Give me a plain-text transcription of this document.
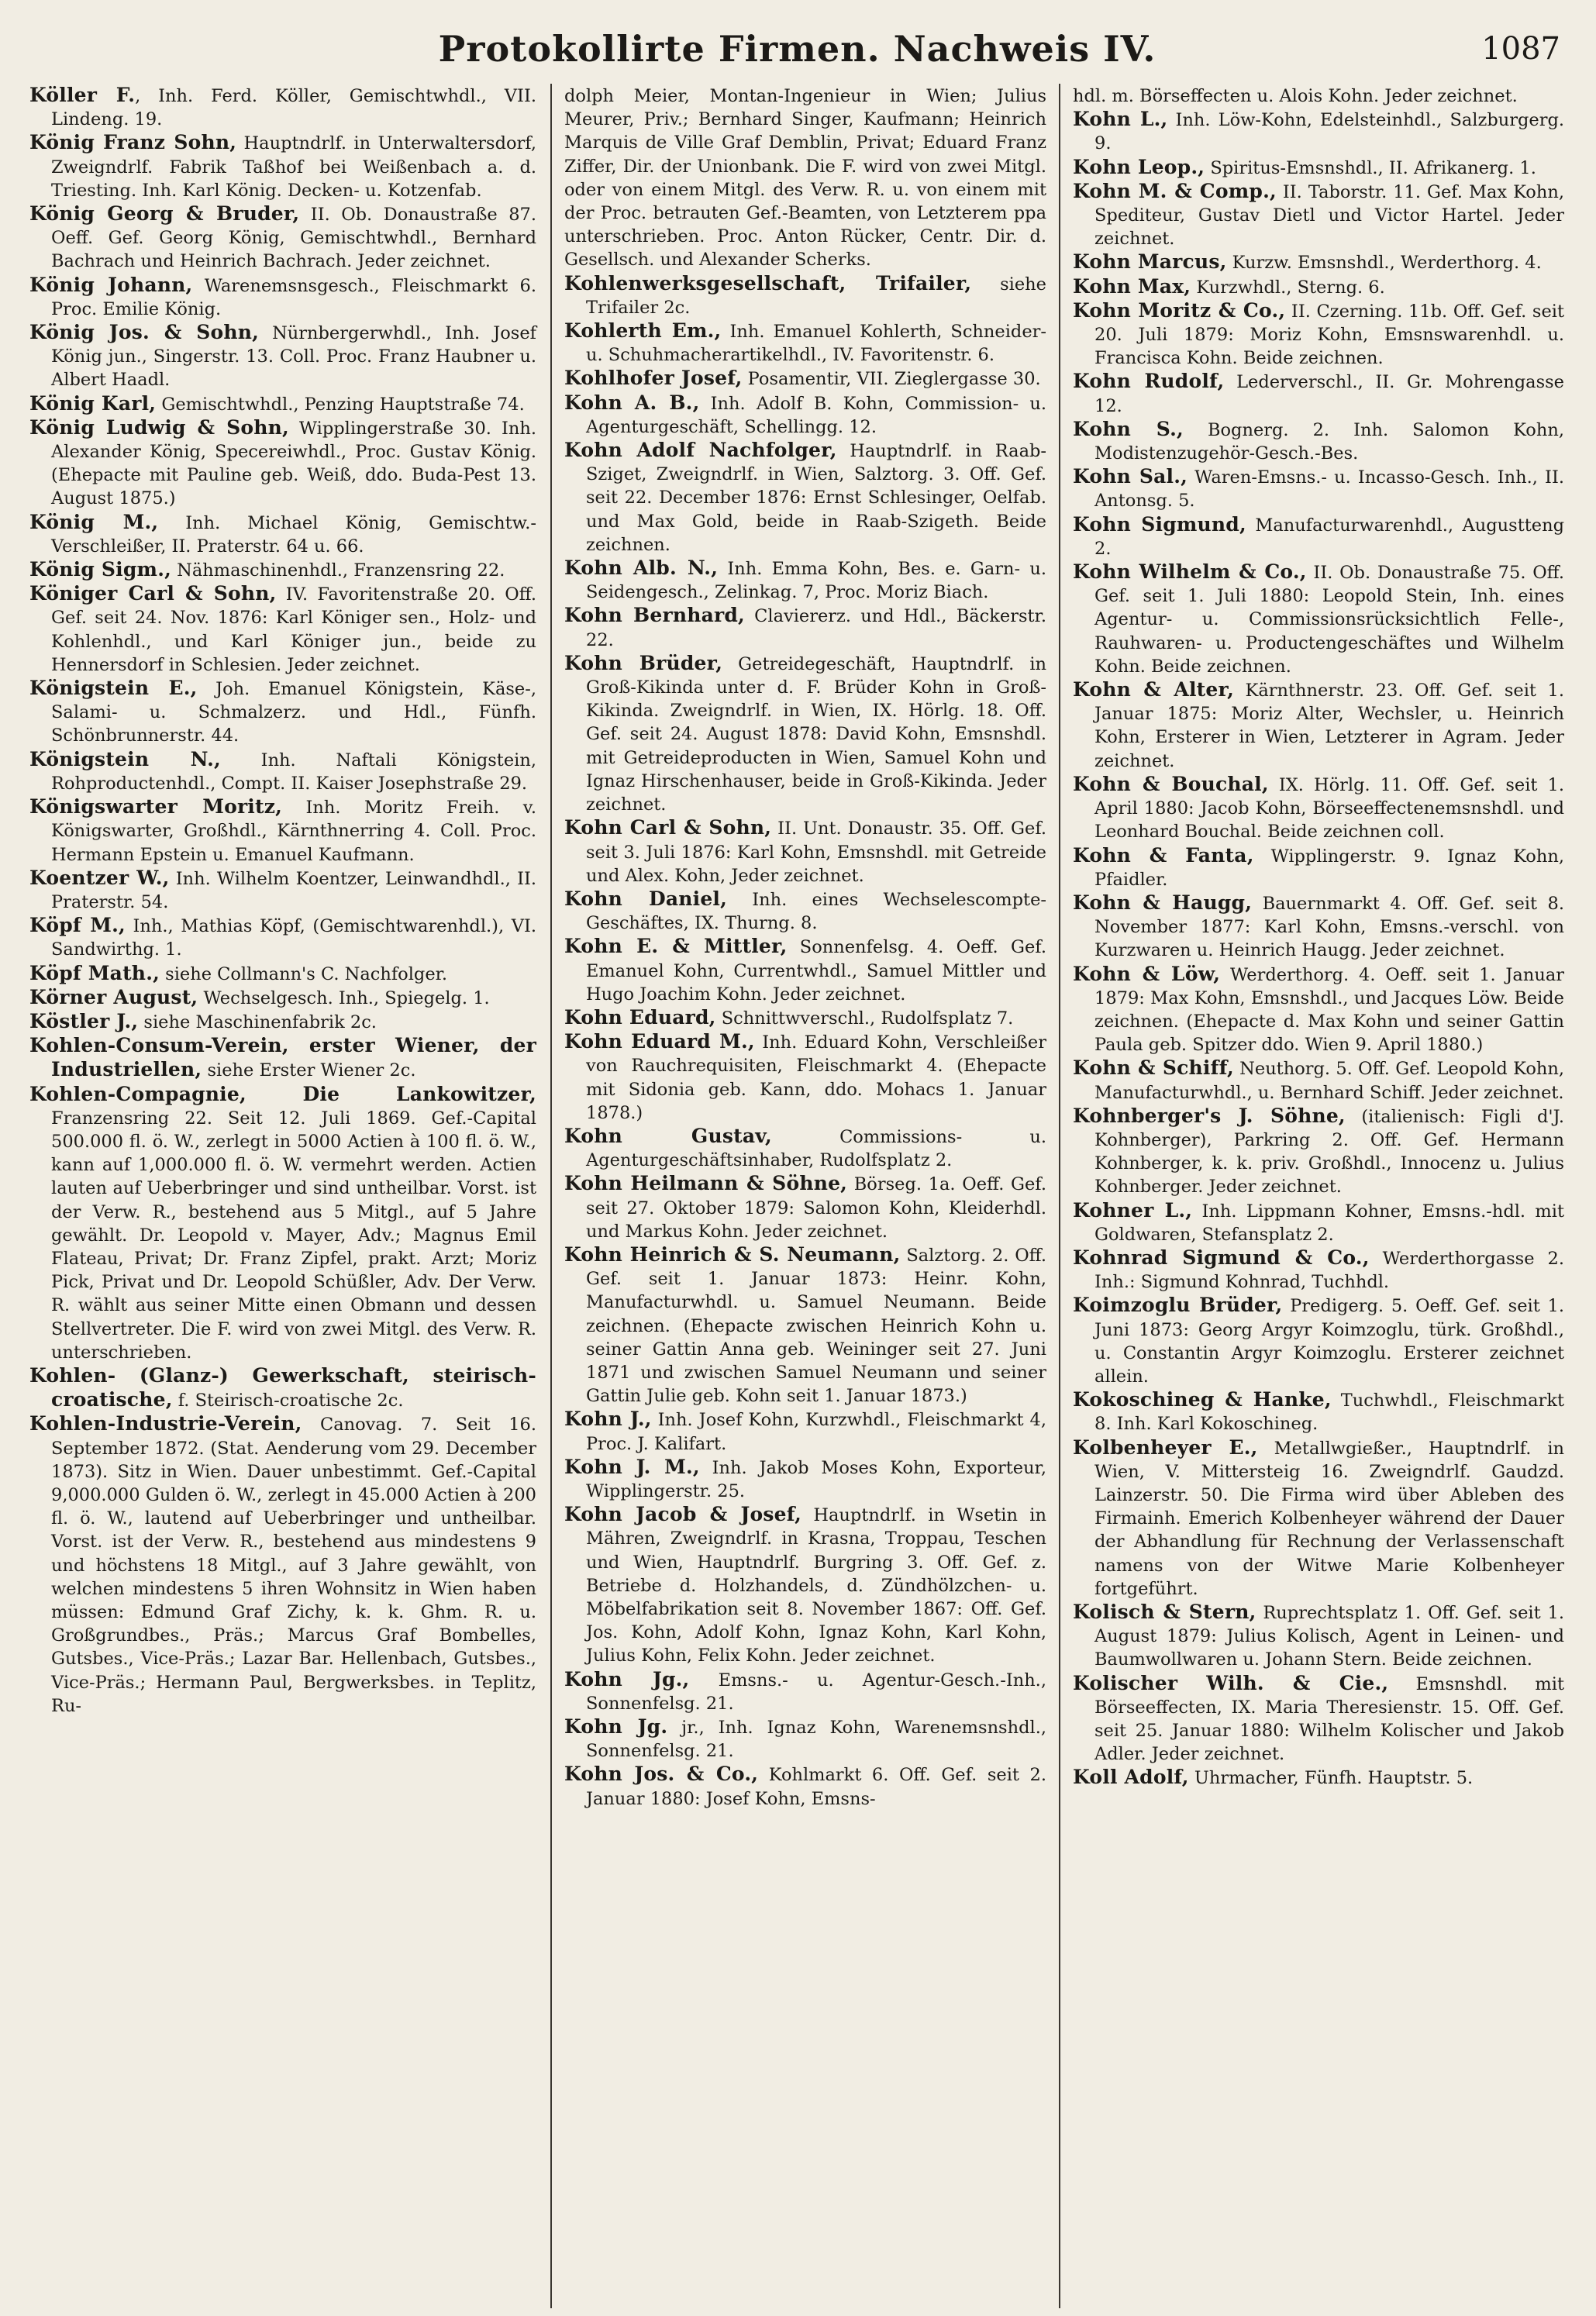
Protokollirte Firmen. Nachweis IV.	1087

Köller F., Inh. Ferd. Köller, Gemischtwhdl., VII. Lindeng. 19.

König Franz Sohn, Hauptndrlf. in Unterwaltersdorf, Zweigndrlf. Fabrik Taßhof bei Weißenbach a. d. Triesting. Inh. Karl König. Decken- u. Kotzenfab.

König Georg & Bruder, II. Ob. Donaustraße 87. Oeff. Gef. Georg König, Gemischtwhdl., Bernhard Bachrach und Heinrich Bachrach. Jeder zeichnet.

König Johann, Warenemsnsgesch., Fleischmarkt 6. Proc. Emilie König.

König Jos. & Sohn, Nürnbergerwhdl., Inh. Josef König jun., Singerstr. 13. Coll. Proc. Franz Haubner u. Albert Haadl.

König Karl, Gemischtwhdl., Penzing Hauptstraße 74.

König Ludwig & Sohn, Wipplingerstraße 30. Inh. Alexander König, Specereiwhdl., Proc. Gustav König. (Ehepacte mit Pauline geb. Weiß, ddo. Buda-Pest 13. August 1875.)

König M., Inh. Michael König, Gemischtw.-Verschleißer, II. Praterstr. 64 u. 66.

König Sigm., Nähmaschinenhdl., Franzensring 22.

Königer Carl & Sohn, IV. Favoritenstraße 20. Off. Gef. seit 24. Nov. 1876: Karl Königer sen., Holz- und Kohlenhdl., und Karl Königer jun., beide zu Hennersdorf in Schlesien. Jeder zeichnet.

Königstein E., Joh. Emanuel Königstein, Käse-, Salami- u. Schmalzerz. und Hdl., Fünfh. Schönbrunnerstr. 44.

Königstein N., Inh. Naftali Königstein, Rohproductenhdl., Compt. II. Kaiser Josephstraße 29.

Königswarter Moritz, Inh. Moritz Freih. v. Königswarter, Großhdl., Kärnthnerring 4. Coll. Proc. Hermann Epstein u. Emanuel Kaufmann.

Koentzer W., Inh. Wilhelm Koentzer, Leinwandhdl., II. Praterstr. 54.

Köpf M., Inh., Mathias Köpf, (Gemischtwarenhdl.), VI. Sandwirthg. 1.

Köpf Math., siehe Collmann's C. Nachfolger.

Körner August, Wechselgesch. Inh., Spiegelg. 1.

Köstler J., siehe Maschinenfabrik 2c.

Kohlen-Consum-Verein, erster Wiener, der Industriellen, siehe Erster Wiener 2c.

Kohlen-Compagnie, Die Lankowitzer, Franzensring 22. Seit 12. Juli 1869. Gef.-Capital 500.000 fl. ö. W., zerlegt in 5000 Actien à 100 fl. ö. W., kann auf 1,000.000 fl. ö. W. vermehrt werden. Actien lauten auf Ueberbringer und sind untheilbar. Vorst. ist der Verw. R., bestehend aus 5 Mitgl., auf 5 Jahre gewählt. Dr. Leopold v. Mayer, Adv.; Magnus Emil Flateau, Privat; Dr. Franz Zipfel, prakt. Arzt; Moriz Pick, Privat und Dr. Leopold Schüßler, Adv. Der Verw. R. wählt aus seiner Mitte einen Obmann und dessen Stellvertreter. Die F. wird von zwei Mitgl. des Verw. R. unterschrieben.

Kohlen- (Glanz-) Gewerkschaft, steirisch-croatische, f. Steirisch-croatische 2c.

Kohlen-Industrie-Verein, Canovag. 7. Seit 16. September 1872. (Stat. Aenderung vom 29. December 1873). Sitz in Wien. Dauer unbestimmt. Gef.-Capital 9,000.000 Gulden ö. W., zerlegt in 45.000 Actien à 200 fl. ö. W., lautend auf Ueberbringer und untheilbar. Vorst. ist der Verw. R., bestehend aus mindestens 9 und höchstens 18 Mitgl., auf 3 Jahre gewählt, von welchen mindestens 5 ihren Wohnsitz in Wien haben müssen: Edmund Graf Zichy, k. k. Ghm. R. u. Großgrundbes., Präs.; Marcus Graf Bombelles, Gutsbes., Vice-Präs.; Lazar Bar. Hellenbach, Gutsbes., Vice-Präs.; Hermann Paul, Bergwerksbes. in Teplitz, Ru-

dolph Meier, Montan-Ingenieur in Wien; Julius Meurer, Priv.; Bernhard Singer, Kaufmann; Heinrich Marquis de Ville Graf Demblin, Privat; Eduard Franz Ziffer, Dir. der Unionbank. Die F. wird von zwei Mitgl. oder von einem Mitgl. des Verw. R. u. von einem mit der Proc. betrauten Gef.-Beamten, von Letzterem ppa unterschrieben. Proc. Anton Rücker, Centr. Dir. d. Gesellsch. und Alexander Scherks.

Kohlenwerksgesellschaft, Trifailer, siehe Trifailer 2c.

Kohlerth Em., Inh. Emanuel Kohlerth, Schneider- u. Schuhmacherartikelhdl., IV. Favoritenstr. 6.

Kohlhofer Josef, Posamentir, VII. Zieglergasse 30.

Kohn A. B., Inh. Adolf B. Kohn, Commission- u. Agenturgeschäft, Schellingg. 12.

Kohn Adolf Nachfolger, Hauptndrlf. in Raab-Sziget, Zweigndrlf. in Wien, Salztorg. 3. Off. Gef. seit 22. December 1876: Ernst Schlesinger, Oelfab. und Max Gold, beide in Raab-Szigeth. Beide zeichnen.

Kohn Alb. N., Inh. Emma Kohn, Bes. e. Garn- u. Seidengesch., Zelinkag. 7, Proc. Moriz Biach.

Kohn Bernhard, Claviererz. und Hdl., Bäckerstr. 22.

Kohn Brüder, Getreidegeschäft, Hauptndrlf. in Groß-Kikinda unter d. F. Brüder Kohn in Groß-Kikinda. Zweigndrlf. in Wien, IX. Hörlg. 18. Off. Gef. seit 24. August 1878: David Kohn, Emsnshdl. mit Getreideproducten in Wien, Samuel Kohn und Ignaz Hirschenhauser, beide in Groß-Kikinda. Jeder zeichnet.

Kohn Carl & Sohn, II. Unt. Donaustr. 35. Off. Gef. seit 3. Juli 1876: Karl Kohn, Emsnshdl. mit Getreide und Alex. Kohn, Jeder zeichnet.

Kohn Daniel, Inh. eines Wechselescompte-Geschäftes, IX. Thurng. 8.

Kohn E. & Mittler, Sonnenfelsg. 4. Oeff. Gef. Emanuel Kohn, Currentwhdl., Samuel Mittler und Hugo Joachim Kohn. Jeder zeichnet.

Kohn Eduard, Schnittwverschl., Rudolfsplatz 7.

Kohn Eduard M., Inh. Eduard Kohn, Verschleißer von Rauchrequisiten, Fleischmarkt 4. (Ehepacte mit Sidonia geb. Kann, ddo. Mohacs 1. Januar 1878.)

Kohn Gustav, Commissions- u. Agenturgeschäftsinhaber, Rudolfsplatz 2.

Kohn Heilmann & Söhne, Börseg. 1a. Oeff. Gef. seit 27. Oktober 1879: Salomon Kohn, Kleiderhdl. und Markus Kohn. Jeder zeichnet.

Kohn Heinrich & S. Neumann, Salztorg. 2. Off. Gef. seit 1. Januar 1873: Heinr. Kohn, Manufacturwhdl. u. Samuel Neumann. Beide zeichnen. (Ehepacte zwischen Heinrich Kohn u. seiner Gattin Anna geb. Weininger seit 27. Juni 1871 und zwischen Samuel Neumann und seiner Gattin Julie geb. Kohn seit 1. Januar 1873.)

Kohn J., Inh. Josef Kohn, Kurzwhdl., Fleischmarkt 4, Proc. J. Kalifart.

Kohn J. M., Inh. Jakob Moses Kohn, Exporteur, Wipplingerstr. 25.

Kohn Jacob & Josef, Hauptndrlf. in Wsetin in Mähren, Zweigndrlf. in Krasna, Troppau, Teschen und Wien, Hauptndrlf. Burgring 3. Off. Gef. z. Betriebe d. Holzhandels, d. Zündhölzchen- u. Möbelfabrikation seit 8. November 1867: Off. Gef. Jos. Kohn, Adolf Kohn, Ignaz Kohn, Karl Kohn, Julius Kohn, Felix Kohn. Jeder zeichnet.

Kohn Jg., Emsns.- u. Agentur-Gesch.-Inh., Sonnenfelsg. 21.

Kohn Jg. jr., Inh. Ignaz Kohn, Warenemsnshdl., Sonnenfelsg. 21.

Kohn Jos. & Co., Kohlmarkt 6. Off. Gef. seit 2. Januar 1880: Josef Kohn, Emsns-

hdl. m. Börseffecten u. Alois Kohn. Jeder zeichnet.

Kohn L., Inh. Löw-Kohn, Edelsteinhdl., Salzburgerg. 9.

Kohn Leop., Spiritus-Emsnshdl., II. Afrikanerg. 1.

Kohn M. & Comp., II. Taborstr. 11. Gef. Max Kohn, Spediteur, Gustav Dietl und Victor Hartel. Jeder zeichnet.

Kohn Marcus, Kurzw. Emsnshdl., Werderthorg. 4.

Kohn Max, Kurzwhdl., Sterng. 6.

Kohn Moritz & Co., II. Czerning. 11b. Off. Gef. seit 20. Juli 1879: Moriz Kohn, Emsnswarenhdl. u. Francisca Kohn. Beide zeichnen.

Kohn Rudolf, Lederverschl., II. Gr. Mohrengasse 12.

Kohn S., Bognerg. 2. Inh. Salomon Kohn, Modistenzugehör-Gesch.-Bes.

Kohn Sal., Waren-Emsns.- u. Incasso-Gesch. Inh., II. Antonsg. 5.

Kohn Sigmund, Manufacturwarenhdl., Augustteng 2.

Kohn Wilhelm & Co., II. Ob. Donaustraße 75. Off. Gef. seit 1. Juli 1880: Leopold Stein, Inh. eines Agentur- u. Commissionsrücksichtlich Felle-, Rauhwaren- u. Productengeschäftes und Wilhelm Kohn. Beide zeichnen.

Kohn & Alter, Kärnthnerstr. 23. Off. Gef. seit 1. Januar 1875: Moriz Alter, Wechsler, u. Heinrich Kohn, Ersterer in Wien, Letzterer in Agram. Jeder zeichnet.

Kohn & Bouchal, IX. Hörlg. 11. Off. Gef. seit 1. April 1880: Jacob Kohn, Börseeffectenemsnshdl. und Leonhard Bouchal. Beide zeichnen coll.

Kohn & Fanta, Wipplingerstr. 9. Ignaz Kohn, Pfaidler.

Kohn & Haugg, Bauernmarkt 4. Off. Gef. seit 8. November 1877: Karl Kohn, Emsns.-verschl. von Kurzwaren u. Heinrich Haugg. Jeder zeichnet.

Kohn & Löw, Werderthorg. 4. Oeff. seit 1. Januar 1879: Max Kohn, Emsnshdl., und Jacques Löw. Beide zeichnen. (Ehepacte d. Max Kohn und seiner Gattin Paula geb. Spitzer ddo. Wien 9. April 1880.)

Kohn & Schiff, Neuthorg. 5. Off. Gef. Leopold Kohn, Manufacturwhdl., u. Bernhard Schiff. Jeder zeichnet.

Kohnberger's J. Söhne, (italienisch: Figli d'J. Kohnberger), Parkring 2. Off. Gef. Hermann Kohnberger, k. k. priv. Großhdl., Innocenz u. Julius Kohnberger. Jeder zeichnet.

Kohner L., Inh. Lippmann Kohner, Emsns.-hdl. mit Goldwaren, Stefansplatz 2.

Kohnrad Sigmund & Co., Werderthorgasse 2. Inh.: Sigmund Kohnrad, Tuchhdl.

Koimzoglu Brüder, Predigerg. 5. Oeff. Gef. seit 1. Juni 1873: Georg Argyr Koimzoglu, türk. Großhdl., u. Constantin Argyr Koimzoglu. Ersterer zeichnet allein.

Kokoschineg & Hanke, Tuchwhdl., Fleischmarkt 8. Inh. Karl Kokoschineg.

Kolbenheyer E., Metallwgießer., Hauptndrlf. in Wien, V. Mittersteig 16. Zweigndrlf. Gaudzd. Lainzerstr. 50. Die Firma wird über Ableben des Firmainh. Emerich Kolbenheyer während der Dauer der Abhandlung für Rechnung der Verlassenschaft namens von der Witwe Marie Kolbenheyer fortgeführt.

Kolisch & Stern, Ruprechtsplatz 1. Off. Gef. seit 1. August 1879: Julius Kolisch, Agent in Leinen- und Baumwollwaren u. Johann Stern. Beide zeichnen.

Kolischer Wilh. & Cie., Emsnshdl. mit Börseeffecten, IX. Maria Theresienstr. 15. Off. Gef. seit 25. Januar 1880: Wilhelm Kolischer und Jakob Adler. Jeder zeichnet.

Koll Adolf, Uhrmacher, Fünfh. Hauptstr. 5.
